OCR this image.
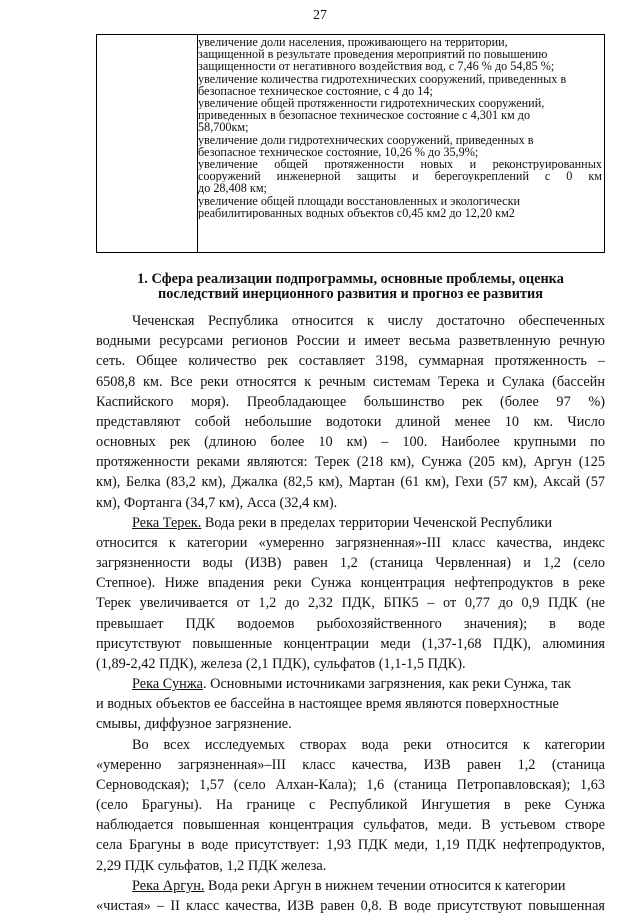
27
увеличение доли населения, проживающего на территории,
защищенной в результате проведения мероприятий по повышению
защищенности от негативного воздействия вод, с 7,46 % до 54,85 %;
увеличение количества гидротехнических сооружений, приведенных в
безопасное техническое состояние, с 4 до 14;
увеличение общей протяженности гидротехнических сооружений,
приведенных в безопасное техническое состояние с 4,301 км до
58,700км;
увеличение доли гидротехнических сооружений, приведенных в
безопасное техническое состояние, 10,26 % до 35,9%;
увеличение общей протяженности новых и реконструированных
сооружений инженерной защиты и берегоукреплений с 0 км
до 28,408 км;
увеличение общей площади восстановленных и экологически
реабилитированных водных объектов с0,45 км2 до 12,20 км2
1. Сфера реализации подпрограммы, основные проблемы, оценка
последствий инерционного развития и прогноз ее развития
Чеченская Республика относится к числу достаточно обеспеченных
водными ресурсами регионов России и имеет весьма разветвленную речную
сеть. Общее количество рек составляет 3198, суммарная протяженность –
6508,8 км. Все реки относятся к речным системам Терека и Сулака (бассейн
Каспийского моря). Преобладающее большинство рек (более 97 %)
представляют собой небольшие водотоки длиной менее 10 км. Число
основных рек (длиною более 10 км) – 100. Наиболее крупными по
протяженности реками являются: Терек (218 км), Сунжа (205 км), Аргун (125
км), Белка (83,2 км), Джалка (82,5 км), Мартан (61 км), Гехи (57 км), Аксай (57
км), Фортанга (34,7 км), Асса (32,4 км).
Река Терек. Вода реки в пределах территории Чеченской Республики
относится к категории «умеренно загрязненная»-III класс качества, индекс
загрязненности воды (ИЗВ) равен 1,2 (станица Червленная) и 1,2 (село
Степное). Ниже впадения реки Сунжа концентрация нефтепродуктов в реке
Терек увеличивается от 1,2 до 2,32 ПДК, БПК5 – от 0,77 до 0,9 ПДК (не
превышает ПДК водоемов рыбохозяйственного значения); в воде
присутствуют повышенные концентрации меди (1,37-1,68 ПДК), алюминия
(1,89-2,42 ПДК), железа (2,1 ПДК), сульфатов (1,1-1,5 ПДК).
Река Сунжа. Основными источниками загрязнения, как реки Сунжа, так
и водных объектов ее бассейна в настоящее время являются поверхностные
смывы, диффузное загрязнение.
Во всех исследуемых створах вода реки относится к категории
«умеренно загрязненная»–III класс качества, ИЗВ равен 1,2 (станица
Серноводская); 1,57 (село Алхан-Кала); 1,6 (станица Петропавловская); 1,63
(село Брагуны). На границе с Республикой Ингушетия в реке Сунжа
наблюдается повышенная концентрация сульфатов, меди. В устьевом створе
села Брагуны в воде присутствует: 1,93 ПДК меди, 1,19 ПДК нефтепродуктов,
2,29 ПДК сульфатов, 1,2 ПДК железа.
Река Аргун. Вода реки Аргун в нижнем течении относится к категории
«чистая» – II класс качества, ИЗВ равен 0,8. В воде присутствуют повышенная
